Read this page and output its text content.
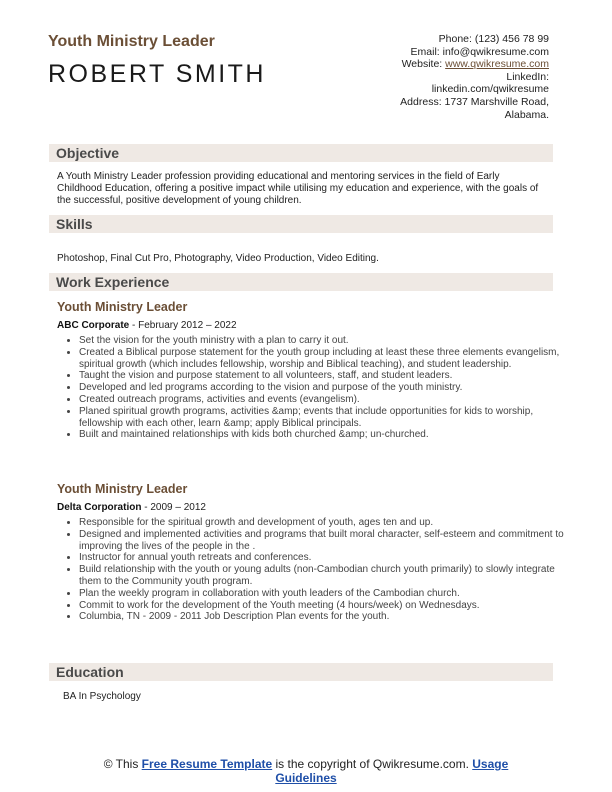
Youth Ministry Leader
ROBERT SMITH
Phone: (123) 456 78 99
Email: info@qwikresume.com
Website: www.qwikresume.com
LinkedIn:
linkedin.com/qwikresume
Address: 1737 Marshville Road,
Alabama.
Objective
A Youth Ministry Leader profession providing educational and mentoring services in the field of Early Childhood Education, offering a positive impact while utilising my education and experience, with the goals of the successful, positive development of young children.
Skills
Photoshop, Final Cut Pro, Photography, Video Production, Video Editing.
Work Experience
Youth Ministry Leader
ABC Corporate - February 2012 – 2022
• Set the vision for the youth ministry with a plan to carry it out.
• Created a Biblical purpose statement for the youth group including at least these three elements evangelism, spiritual growth (which includes fellowship, worship and Biblical teaching), and student leadership.
• Taught the vision and purpose statement to all volunteers, staff, and student leaders.
• Developed and led programs according to the vision and purpose of the youth ministry.
• Created outreach programs, activities and events (evangelism).
• Planed spiritual growth programs, activities &amp; events that include opportunities for kids to worship, fellowship with each other, learn &amp; apply Biblical principals.
• Built and maintained relationships with kids both churched &amp; un-churched.
Youth Ministry Leader
Delta Corporation - 2009 – 2012
• Responsible for the spiritual growth and development of youth, ages ten and up.
• Designed and implemented activities and programs that built moral character, self-esteem and commitment to improving the lives of the people in the .
• Instructor for annual youth retreats and conferences.
• Build relationship with the youth or young adults (non-Cambodian church youth primarily) to slowly integrate them to the Community youth program.
• Plan the weekly program in collaboration with youth leaders of the Cambodian church.
• Commit to work for the development of the Youth meeting (4 hours/week) on Wednesdays.
• Columbia, TN - 2009 - 2011 Job Description Plan events for the youth.
Education
BA In Psychology
© This Free Resume Template is the copyright of Qwikresume.com. Usage
Guidelines
